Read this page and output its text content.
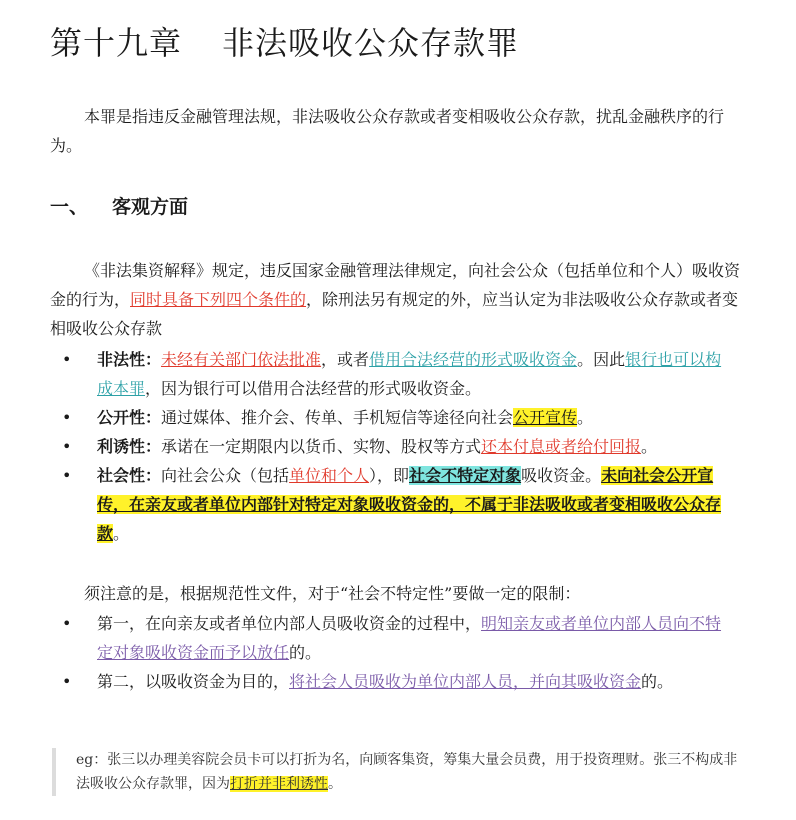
第十九章 非法吸收公众存款罪

本罪是指违反金融管理法规，非法吸收公众存款或者变相吸收公众存款，扰乱金融秩序的行为。

一、 客观方面

《非法集资解释》规定，违反国家金融管理法律规定，向社会公众（包括单位和个人）吸收资金的行为，同时具备下列四个条件的，除刑法另有规定的外，应当认定为非法吸收公众存款或者变相吸收公众存款

• 非法性：未经有关部门依法批准，或者借用合法经营的形式吸收资金。因此银行也可以构成本罪，因为银行可以借用合法经营的形式吸收资金。
• 公开性：通过媒体、推介会、传单、手机短信等途径向社会公开宣传。
• 利诱性：承诺在一定期限内以货币、实物、股权等方式还本付息或者给付回报。
• 社会性：向社会公众（包括单位和个人），即社会不特定对象吸收资金。未向社会公开宣传，在亲友或者单位内部针对特定对象吸收资金的，不属于非法吸收或者变相吸收公众存款。

须注意的是，根据规范性文件，对于“社会不特定性”要做一定的限制：

• 第一，在向亲友或者单位内部人员吸收资金的过程中，明知亲友或者单位内部人员向不特定对象吸收资金而予以放任的。
• 第二，以吸收资金为目的，将社会人员吸收为单位内部人员，并向其吸收资金的。
eg：张三以办理美容院会员卡可以打折为名，向顾客集资，筹集大量会员费，用于投资理财。张三不构成非法吸收公众存款罪，因为打折并非利诱性。
